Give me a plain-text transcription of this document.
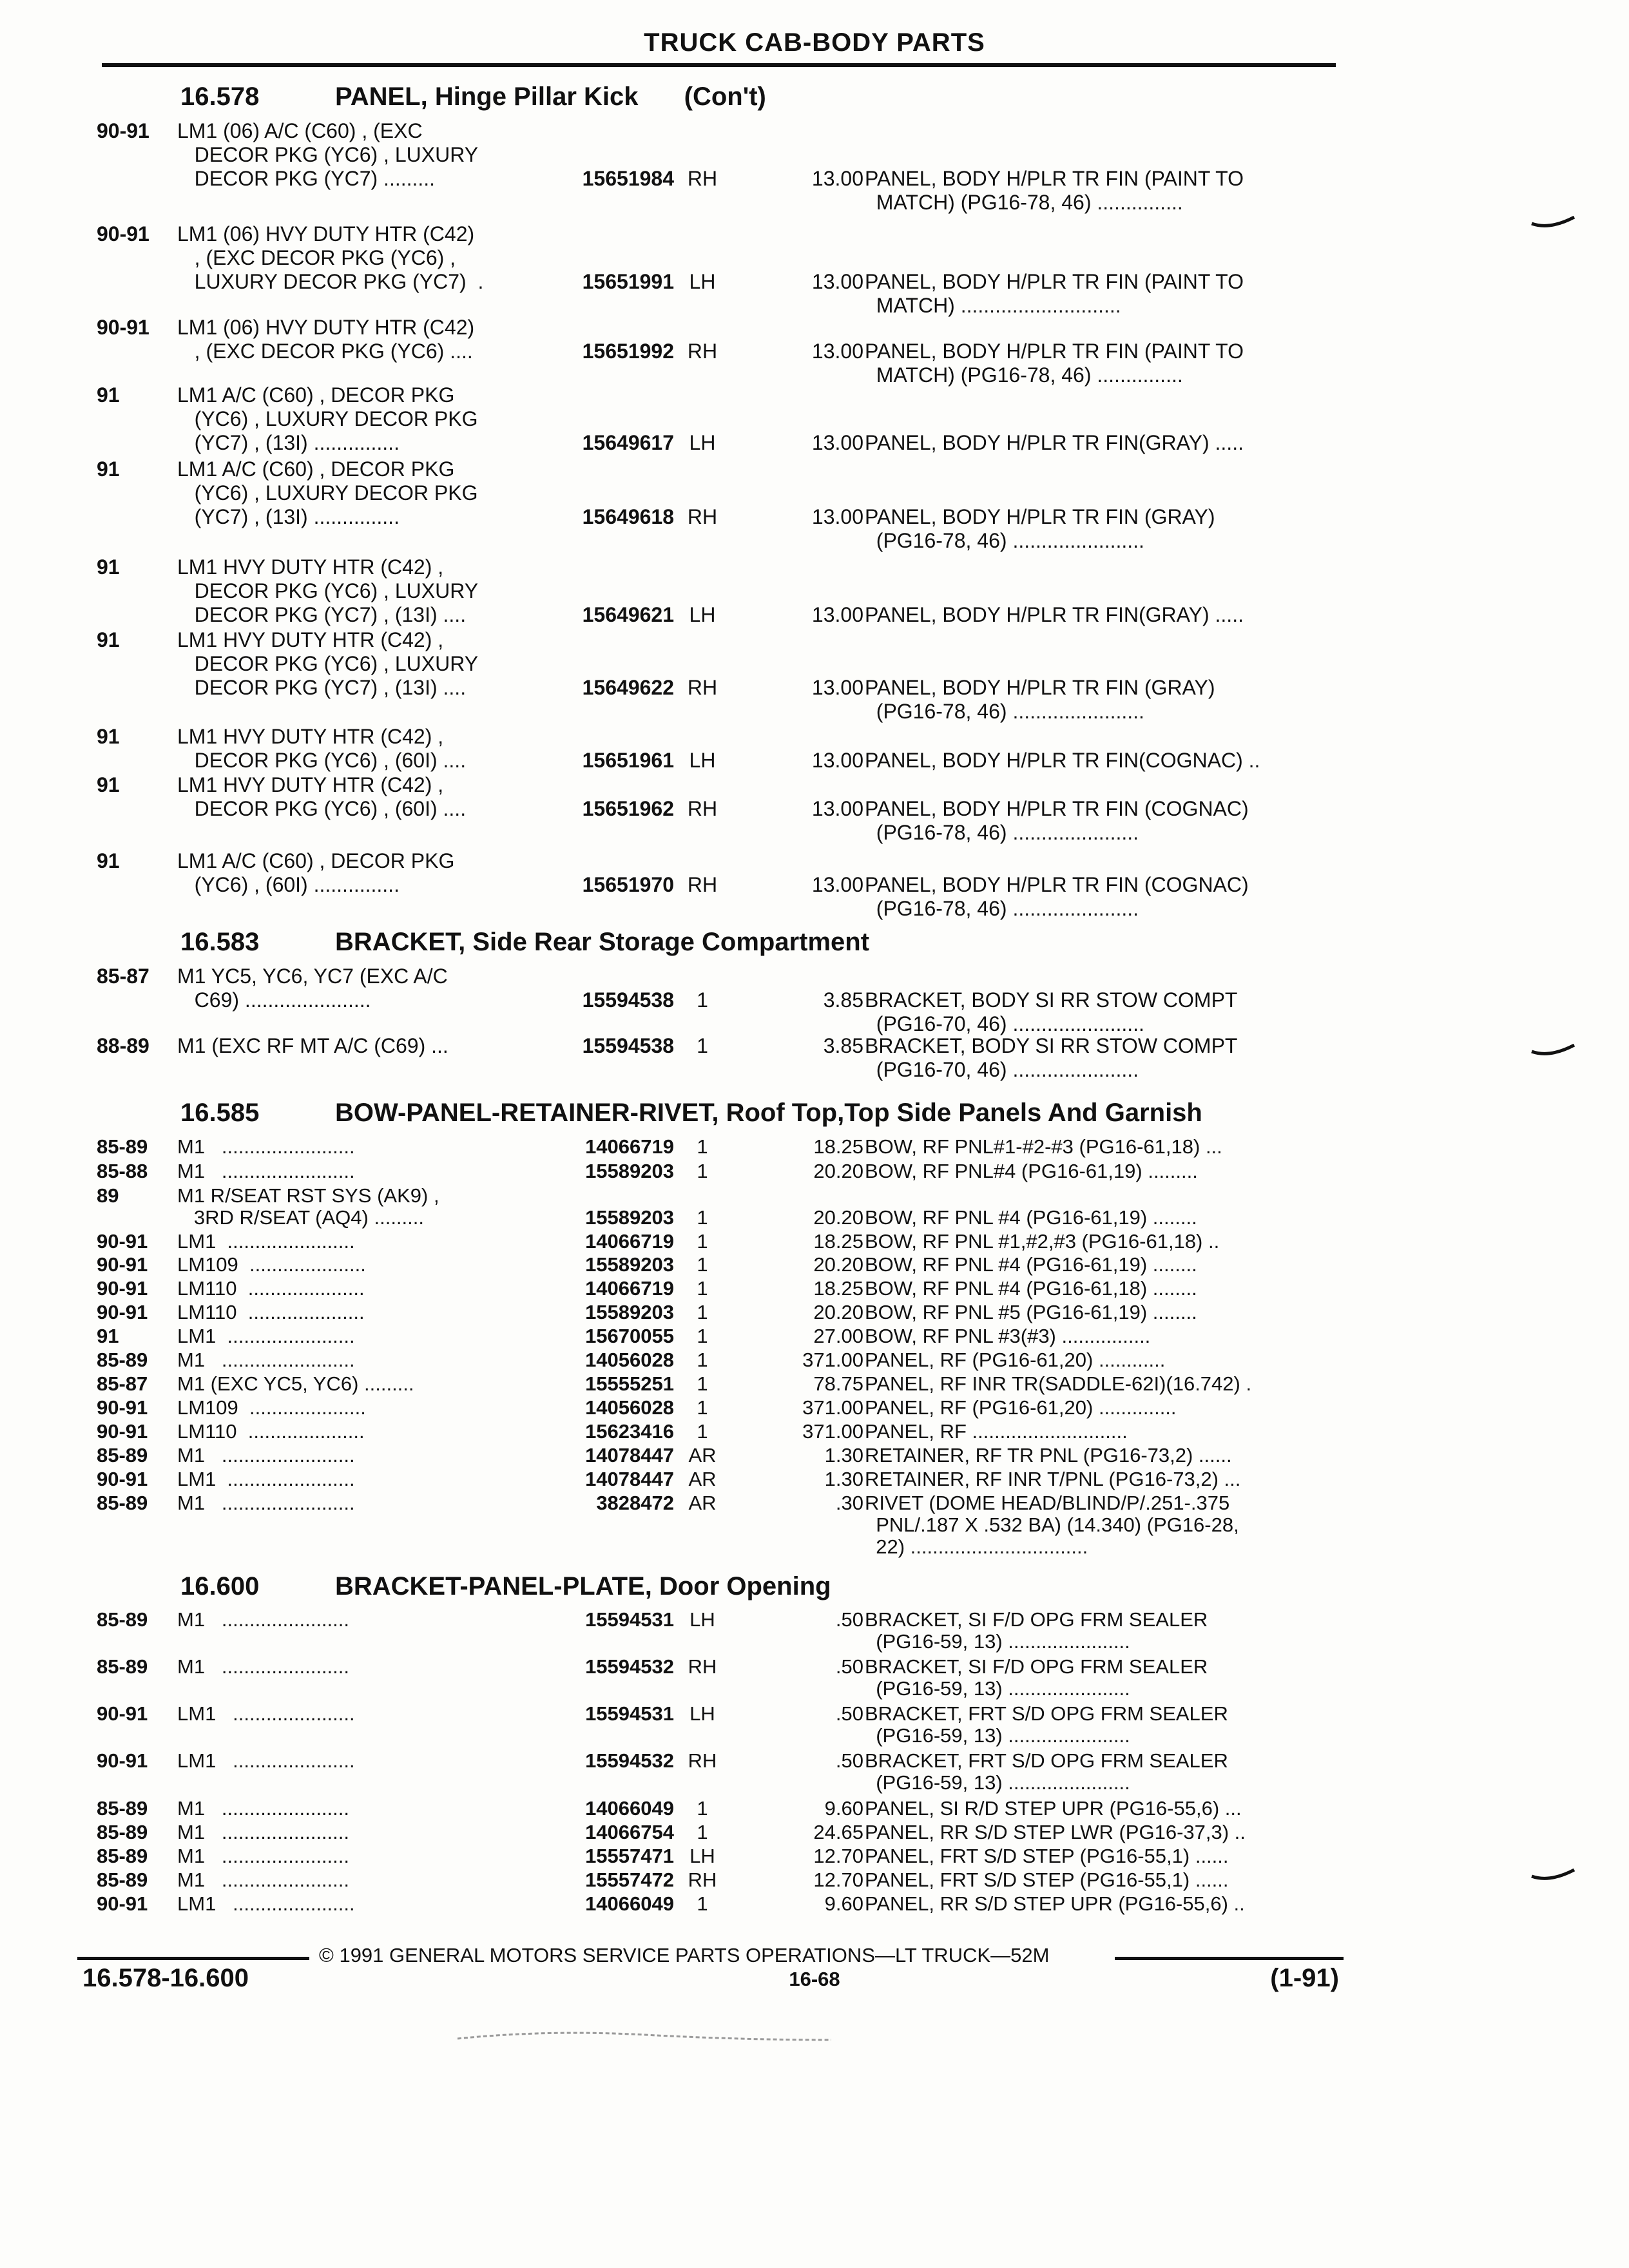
TRUCK CAB-BODY PARTS
16.578	PANEL, Hinge Pillar Kick (Con't)
90-91	LM1 (06) A/C (C60) , (EXC
DECOR PKG (YC6) , LUXURY
DECOR PKG (YC7) .........	15651984 RH	13.00 PANEL, BODY H/PLR TR FIN (PAINT TO
MATCH) (PG16-78, 46) ...............
90-91	LM1 (06) HVY DUTY HTR (C42)
, (EXC DECOR PKG (YC6) ,
LUXURY DECOR PKG (YC7)  .	15651991 LH	13.00 PANEL, BODY H/PLR TR FIN (PAINT TO
MATCH) ............................
90-91	LM1 (06) HVY DUTY HTR (C42)
, (EXC DECOR PKG (YC6) ....	15651992 RH	13.00 PANEL, BODY H/PLR TR FIN (PAINT TO
MATCH) (PG16-78, 46) ...............
91	LM1 A/C (C60) , DECOR PKG
(YC6) , LUXURY DECOR PKG
(YC7) , (13I) ...............	15649617 LH	13.00 PANEL, BODY H/PLR TR FIN(GRAY) .....
91	LM1 A/C (C60) , DECOR PKG
(YC6) , LUXURY DECOR PKG
(YC7) , (13I) ...............	15649618 RH	13.00 PANEL, BODY H/PLR TR FIN (GRAY)
(PG16-78, 46) .......................
91	LM1 HVY DUTY HTR (C42) ,
DECOR PKG (YC6) , LUXURY
DECOR PKG (YC7) , (13I) ....	15649621 LH	13.00 PANEL, BODY H/PLR TR FIN(GRAY) .....
91	LM1 HVY DUTY HTR (C42) ,
DECOR PKG (YC6) , LUXURY
DECOR PKG (YC7) , (13I) ....	15649622 RH	13.00 PANEL, BODY H/PLR TR FIN (GRAY)
(PG16-78, 46) .......................
91	LM1 HVY DUTY HTR (C42) ,
DECOR PKG (YC6) , (60I) ....	15651961 LH	13.00 PANEL, BODY H/PLR TR FIN(COGNAC) ..
91	LM1 HVY DUTY HTR (C42) ,
DECOR PKG (YC6) , (60I) ....	15651962 RH	13.00 PANEL, BODY H/PLR TR FIN (COGNAC)
(PG16-78, 46) ......................
91	LM1 A/C (C60) , DECOR PKG
(YC6) , (60I) ...............	15651970 RH	13.00 PANEL, BODY H/PLR TR FIN (COGNAC)
(PG16-78, 46) ......................
16.583	BRACKET, Side Rear Storage Compartment
85-87	M1 YC5, YC6, YC7 (EXC A/C
C69) ......................	15594538	1	3.85 BRACKET, BODY SI RR STOW COMPT
(PG16-70, 46) .......................
88-89	M1 (EXC RF MT A/C (C69) ...	15594538	1	3.85 BRACKET, BODY SI RR STOW COMPT
(PG16-70, 46) ......................
16.585	BOW-PANEL-RETAINER-RIVET, Roof Top,Top Side Panels And Garnish
85-89	M1   ........................	14066719	1	18.25 BOW, RF PNL#1-#2-#3 (PG16-61,18) ...
85-88	M1   ........................	15589203	1	20.20 BOW, RF PNL#4 (PG16-61,19) .........
89	M1 R/SEAT RST SYS (AK9) ,
3RD R/SEAT (AQ4) .........	15589203	1	20.20 BOW, RF PNL #4 (PG16-61,19) ........
90-91	LM1  .......................	14066719	1	18.25 BOW, RF PNL #1,#2,#3 (PG16-61,18) ..
90-91	LM109  .....................	15589203	1	20.20 BOW, RF PNL #4 (PG16-61,19) ........
90-91	LM110  .....................	14066719	1	18.25 BOW, RF PNL #4 (PG16-61,18) ........
90-91	LM110  .....................	15589203	1	20.20 BOW, RF PNL #5 (PG16-61,19) ........
91	LM1  .......................	15670055	1	27.00 BOW, RF PNL #3(#3) ................
85-89	M1   ........................	14056028	1	371.00 PANEL, RF (PG16-61,20) ............
85-87	M1 (EXC YC5, YC6) .........	15555251	1	78.75 PANEL, RF INR TR(SADDLE-62I)(16.742) .
90-91	LM109  .....................	14056028	1	371.00 PANEL, RF (PG16-61,20) ..............
90-91	LM110  .....................	15623416	1	371.00 PANEL, RF ............................
85-89	M1   ........................	14078447 AR	1.30 RETAINER, RF TR PNL (PG16-73,2) ......
90-91	LM1  .......................	14078447 AR	1.30 RETAINER, RF INR T/PNL (PG16-73,2) ...
85-89	M1   ........................	3828472 AR	.30 RIVET (DOME HEAD/BLIND/P/.251-.375
PNL/.187 X .532 BA) (14.340) (PG16-28,
22) ................................
16.600	BRACKET-PANEL-PLATE, Door Opening
85-89	M1   .......................	15594531 LH	.50 BRACKET, SI F/D OPG FRM SEALER
(PG16-59, 13) ......................
85-89	M1   .......................	15594532 RH	.50 BRACKET, SI F/D OPG FRM SEALER
(PG16-59, 13) ......................
90-91	LM1   ......................	15594531 LH	.50 BRACKET, FRT S/D OPG FRM SEALER
(PG16-59, 13) ......................
90-91	LM1   ......................	15594532 RH	.50 BRACKET, FRT S/D OPG FRM SEALER
(PG16-59, 13) ......................
85-89	M1   .......................	14066049	1	9.60 PANEL, SI R/D STEP UPR (PG16-55,6) ...
85-89	M1   .......................	14066754	1	24.65 PANEL, RR S/D STEP LWR (PG16-37,3) ..
85-89	M1   .......................	15557471 LH	12.70 PANEL, FRT S/D STEP (PG16-55,1) ......
85-89	M1   .......................	15557472 RH	12.70 PANEL, FRT S/D STEP (PG16-55,1) ......
90-91	LM1   ......................	14066049	1	9.60 PANEL, RR S/D STEP UPR (PG16-55,6) ..
© 1991 GENERAL MOTORS SERVICE PARTS OPERATIONS—LT TRUCK—52M
16.578-16.600	16-68	(1-91)
